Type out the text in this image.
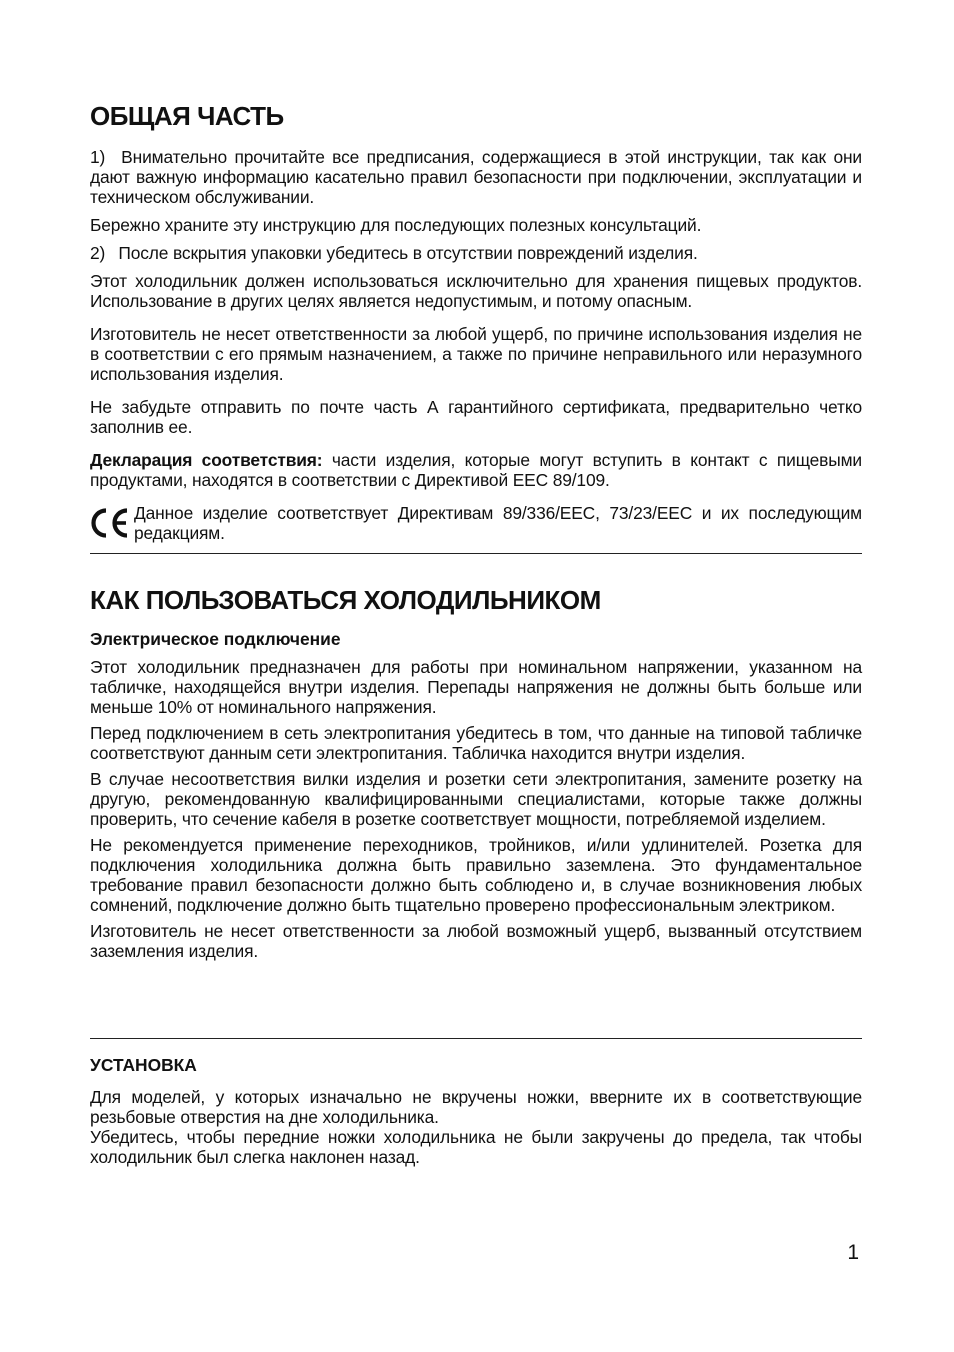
ОБЩАЯ ЧАСТЬ

1)  Внимательно прочитайте все предписания, содержащиеся в этой инструкции, так как они дают важную информацию касательно правил безопасности при подключении, эксплуатации и техническом обслуживании.

Бережно храните эту инструкцию для последующих полезных консультаций.

2)  После вскрытия упаковки убедитесь в отсутствии повреждений изделия.

Этот холодильник должен использоваться исключительно для хранения пищевых продуктов. Использование в других целях является недопустимым, и потому опасным.

Изготовитель не несет ответственности за любой ущерб, по причине использования изделия не в соответствии с его прямым назначением, а также по причине неправильного или неразумного использования изделия.

Не забудьте отправить по почте часть А гарантийного сертификата, предварительно четко заполнив ее.

Декларация соответствия: части изделия, которые могут вступить в контакт с пищевыми продуктами, находятся в соответствии с Директивой ЕЕС 89/109.

Данное изделие соответствует Директивам 89/336/EEC, 73/23/EEC и их последующим редакциям.

КАК ПОЛЬЗОВАТЬСЯ ХОЛОДИЛЬНИКОМ
Электрическое подключение

Этот холодильник предназначен для работы при номинальном напряжении, указанном на табличке, находящейся внутри изделия. Перепады напряжения не должны быть больше или меньше 10% от номинального напряжения.

Перед подключением в сеть электропитания убедитесь в том, что данные на типовой табличке соответствуют данным сети электропитания. Табличка находится внутри изделия.

В случае несоответствия вилки изделия и розетки сети электропитания, замените розетку на другую, рекомендованную квалифицированными специалистами, которые также должны проверить, что сечение кабеля в розетке соответствует мощности, потребляемой изделием.

Не рекомендуется применение переходников, тройников, и/или удлинителей. Розетка для подключения холодильника должна быть правильно заземлена. Это фундаментальное требование правил безопасности должно быть соблюдено и, в случае возникновения любых сомнений, подключение должно быть тщательно проверено профессиональным электриком.

Изготовитель не несет ответственности за любой возможный ущерб, вызванный отсутствием заземления изделия.

УСТАНОВКА

Для моделей, у которых изначально не вкручены ножки, вверните их в соответствующие резьбовые отверстия на дне холодильника.

Убедитесь, чтобы передние ножки холодильника не были закручены до предела, так чтобы холодильник был слегка наклонен назад.

1
